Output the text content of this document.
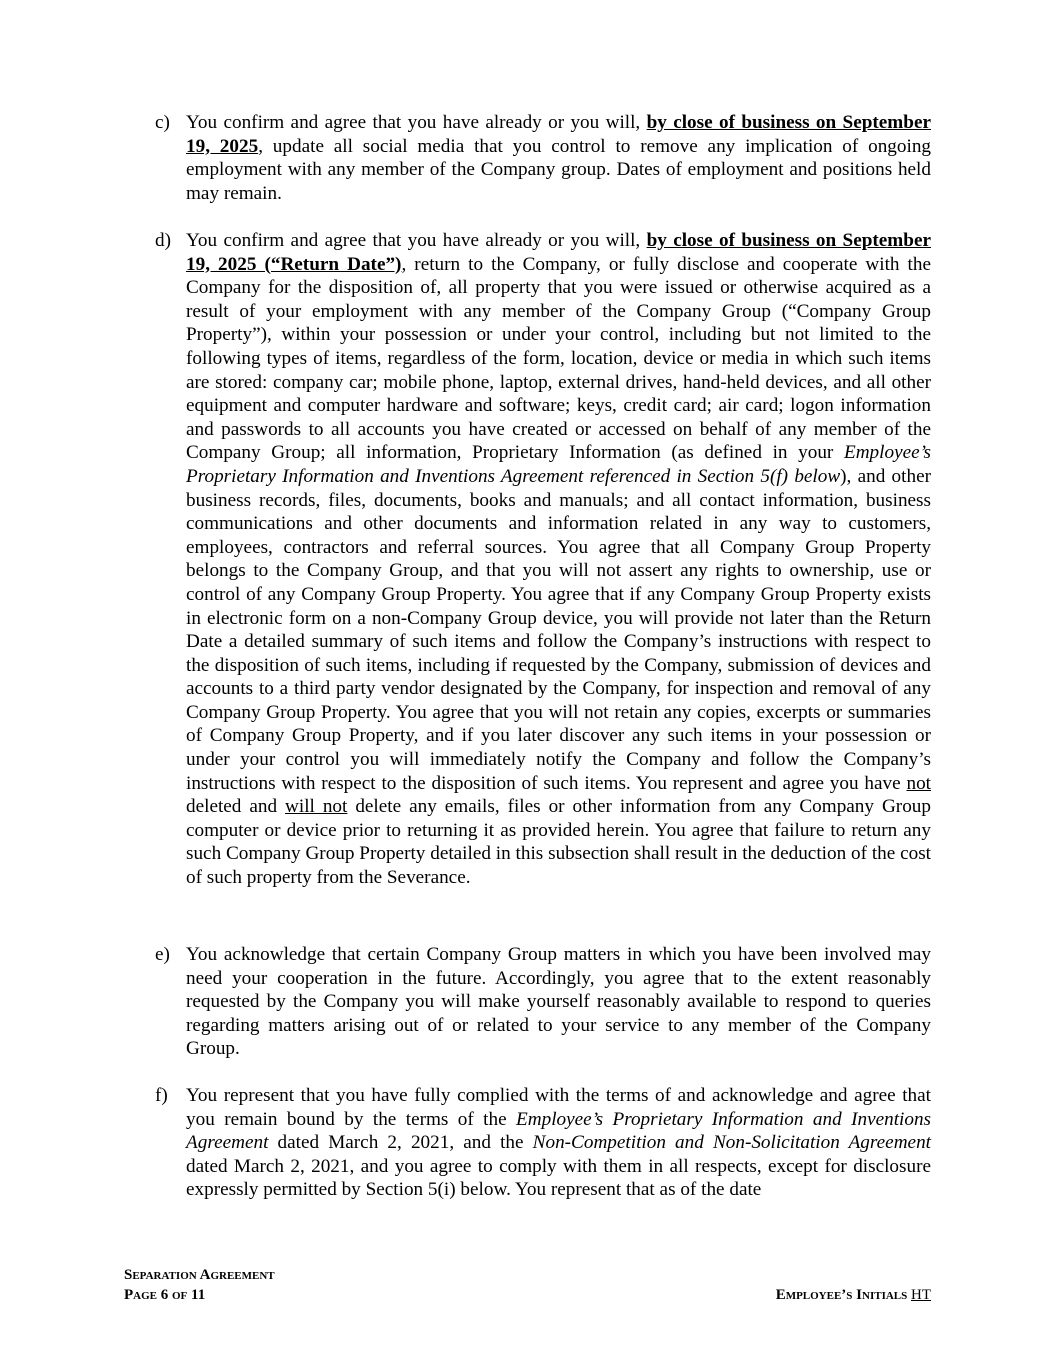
c) You confirm and agree that you have already or you will, by close of business on September 19, 2025, update all social media that you control to remove any implication of ongoing employment with any member of the Company group. Dates of employment and positions held may remain.
d) You confirm and agree that you have already or you will, by close of business on September 19, 2025 (“Return Date”), return to the Company, or fully disclose and cooperate with the Company for the disposition of, all property that you were issued or otherwise acquired as a result of your employment with any member of the Company Group (“Company Group Property”), within your possession or under your control, including but not limited to the following types of items, regardless of the form, location, device or media in which such items are stored: company car; mobile phone, laptop, external drives, hand-held devices, and all other equipment and computer hardware and software; keys, credit card; air card; logon information and passwords to all accounts you have created or accessed on behalf of any member of the Company Group; all information, Proprietary Information (as defined in your Employee’s Proprietary Information and Inventions Agreement referenced in Section 5(f) below), and other business records, files, documents, books and manuals; and all contact information, business communications and other documents and information related in any way to customers, employees, contractors and referral sources. You agree that all Company Group Property belongs to the Company Group, and that you will not assert any rights to ownership, use or control of any Company Group Property. You agree that if any Company Group Property exists in electronic form on a non-Company Group device, you will provide not later than the Return Date a detailed summary of such items and follow the Company’s instructions with respect to the disposition of such items, including if requested by the Company, submission of devices and accounts to a third party vendor designated by the Company, for inspection and removal of any Company Group Property. You agree that you will not retain any copies, excerpts or summaries of Company Group Property, and if you later discover any such items in your possession or under your control you will immediately notify the Company and follow the Company’s instructions with respect to the disposition of such items. You represent and agree you have not deleted and will not delete any emails, files or other information from any Company Group computer or device prior to returning it as provided herein. You agree that failure to return any such Company Group Property detailed in this subsection shall result in the deduction of the cost of such property from the Severance.
e) You acknowledge that certain Company Group matters in which you have been involved may need your cooperation in the future. Accordingly, you agree that to the extent reasonably requested by the Company you will make yourself reasonably available to respond to queries regarding matters arising out of or related to your service to any member of the Company Group.
f) You represent that you have fully complied with the terms of and acknowledge and agree that you remain bound by the terms of the Employee’s Proprietary Information and Inventions Agreement dated March 2, 2021, and the Non-Competition and Non-Solicitation Agreement dated March 2, 2021, and you agree to comply with them in all respects, except for disclosure expressly permitted by Section 5(i) below. You represent that as of the date
Separation Agreement
Page 6 of 11	Employee’s Initials HT
